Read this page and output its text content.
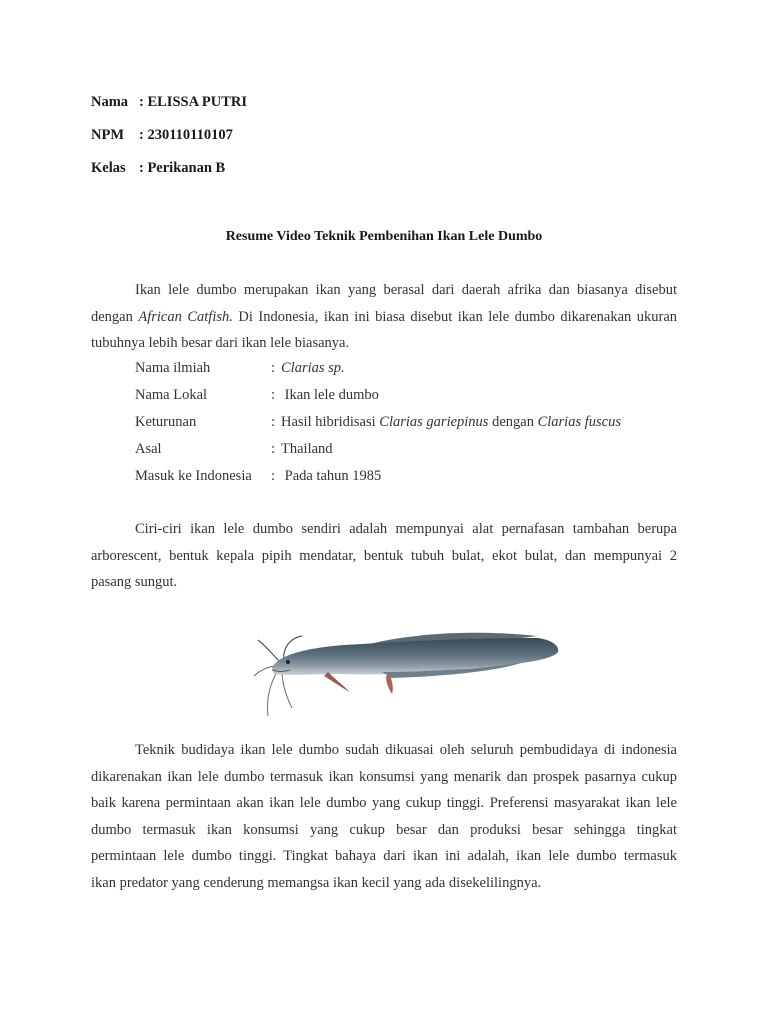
Nama : ELISSA PUTRI
NPM : 230110110107
Kelas : Perikanan B
Resume Video Teknik Pembenihan Ikan Lele Dumbo
Ikan lele dumbo merupakan ikan yang berasal dari daerah afrika dan biasanya disebut
dengan African Catfish. Di Indonesia, ikan ini biasa disebut ikan lele dumbo dikarenakan ukuran
tubuhnya lebih besar dari ikan lele biasanya.
Nama ilmiah	: Clarias sp.
Nama Lokal	: Ikan lele dumbo
Keturunan	: Hasil hibridisasi Clarias gariepinus dengan Clarias fuscus
Asal	: Thailand
Masuk ke Indonesia : Pada tahun 1985
Ciri-ciri ikan lele dumbo sendiri adalah mempunyai alat pernafasan tambahan berupa
arborescent, bentuk kepala pipih mendatar, bentuk tubuh bulat, ekot bulat, dan mempunyai 2
pasang sungut.
Teknik budidaya ikan lele dumbo sudah dikuasai oleh seluruh pembudidaya di indonesia
dikarenakan ikan lele dumbo termasuk ikan konsumsi yang menarik dan prospek pasarnya cukup
baik karena permintaan akan ikan lele dumbo yang cukup tinggi. Preferensi masyarakat ikan lele
dumbo termasuk ikan konsumsi yang cukup besar dan produksi besar sehingga tingkat
permintaan lele dumbo tinggi. Tingkat bahaya dari ikan ini adalah, ikan lele dumbo termasuk
ikan predator yang cenderung memangsa ikan kecil yang ada disekelilingnya.
